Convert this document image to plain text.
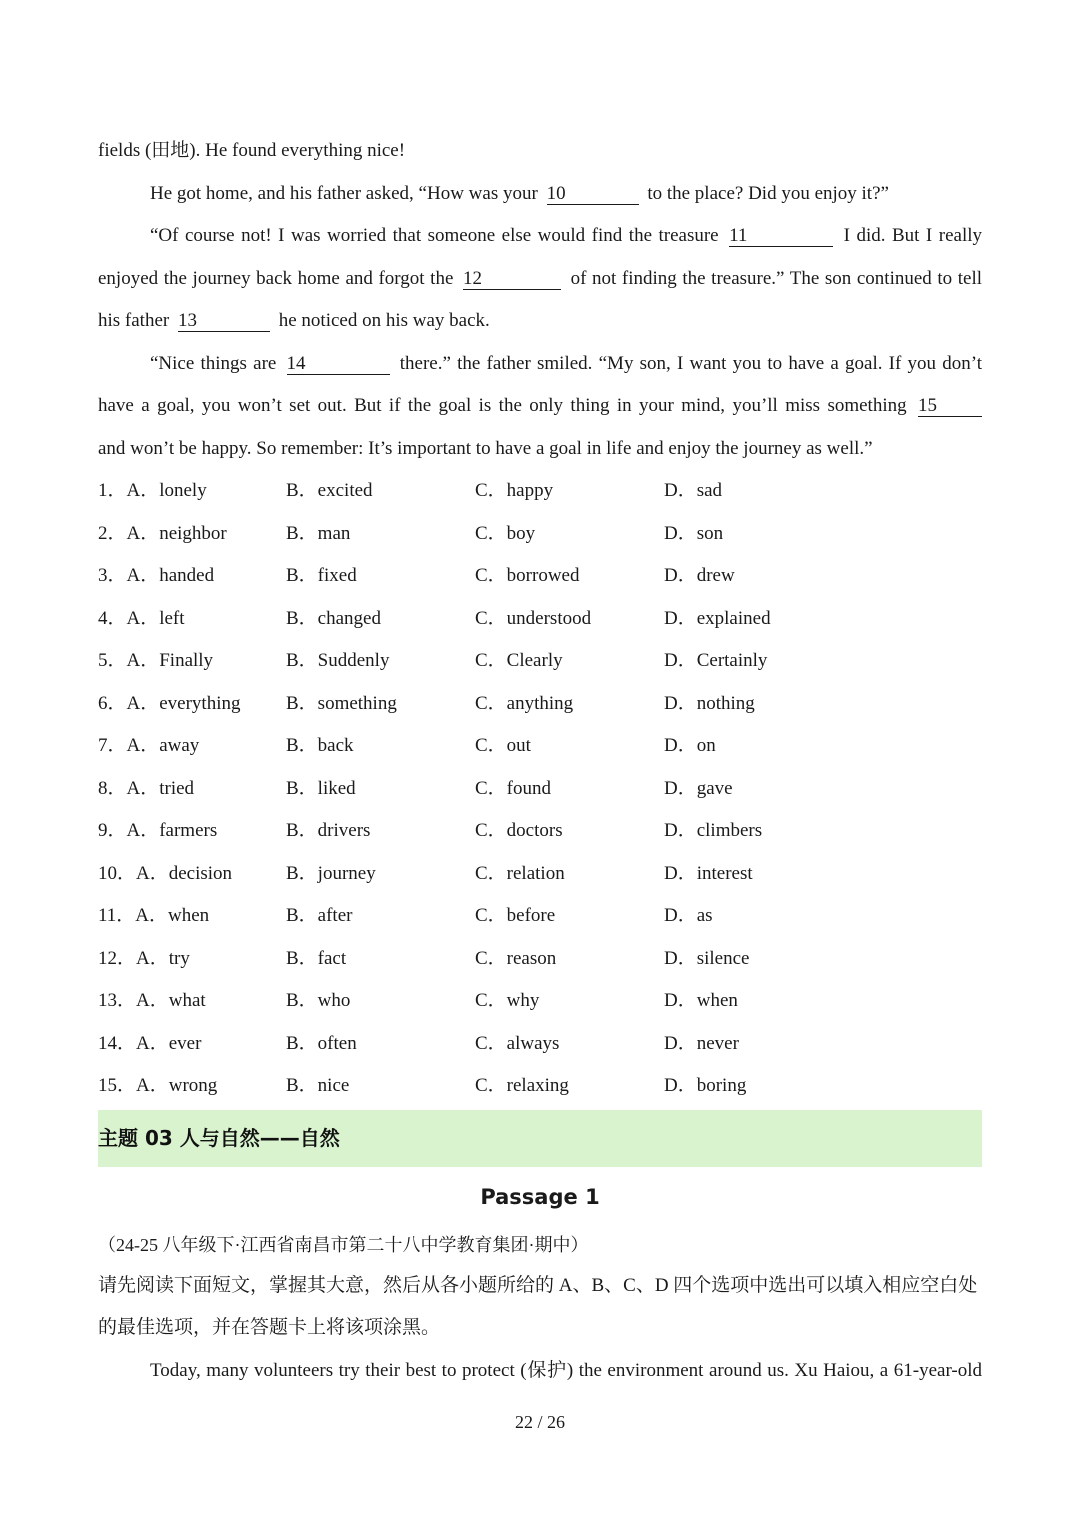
fields (田地). He found everything nice!
He got home, and his father asked, “How was your 10	to the place? Did you enjoy it?”
“Of course not! I was worried that someone else would find the treasure 11	I did. But I really
enjoyed the journey back home and forgot the 12	of not finding the treasure.” The son continued to tell
his father 13	he noticed on his way back.
“Nice things are 14	there.” the father smiled. “My son, I want you to have a goal. If you don’t
have a goal, you won’t set out. But if the goal is the only thing in your mind, you’ll miss something 15
and won’t be happy. So remember: It’s important to have a goal in life and enjoy the journey as well.”
1．A．lonely	B．excited	C．happy	D．sad
2．A．neighbor	B．man	C．boy	D．son
3．A．handed	B．fixed	C．borrowed	D．drew
4．A．left	B．changed	C．understood	D．explained
5．A．Finally	B．Suddenly	C．Clearly	D．Certainly
6．A．everything	B．something	C．anything	D．nothing
7．A．away	B．back	C．out	D．on
8．A．tried	B．liked	C．found	D．gave
9．A．farmers	B．drivers	C．doctors	D．climbers
10．A．decision	B．journey	C．relation	D．interest
11．A．when	B．after	C．before	D．as
12．A．try	B．fact	C．reason	D．silence
13．A．what	B．who	C．why	D．when
14．A．ever	B．often	C．always	D．never
15．A．wrong	B．nice	C．relaxing	D．boring
主题 03 人与自然——自然
Passage 1
（24-25 八年级下·江西省南昌市第二十八中学教育集团·期中）
请先阅读下面短文，掌握其大意，然后从各小题所给的 A、B、C、D 四个选项中选出可以填入相应空白处
的最佳选项，并在答题卡上将该项涂黑。
Today, many volunteers try their best to protect (保护) the environment around us. Xu Haiou, a 61-year-old
22 / 26
